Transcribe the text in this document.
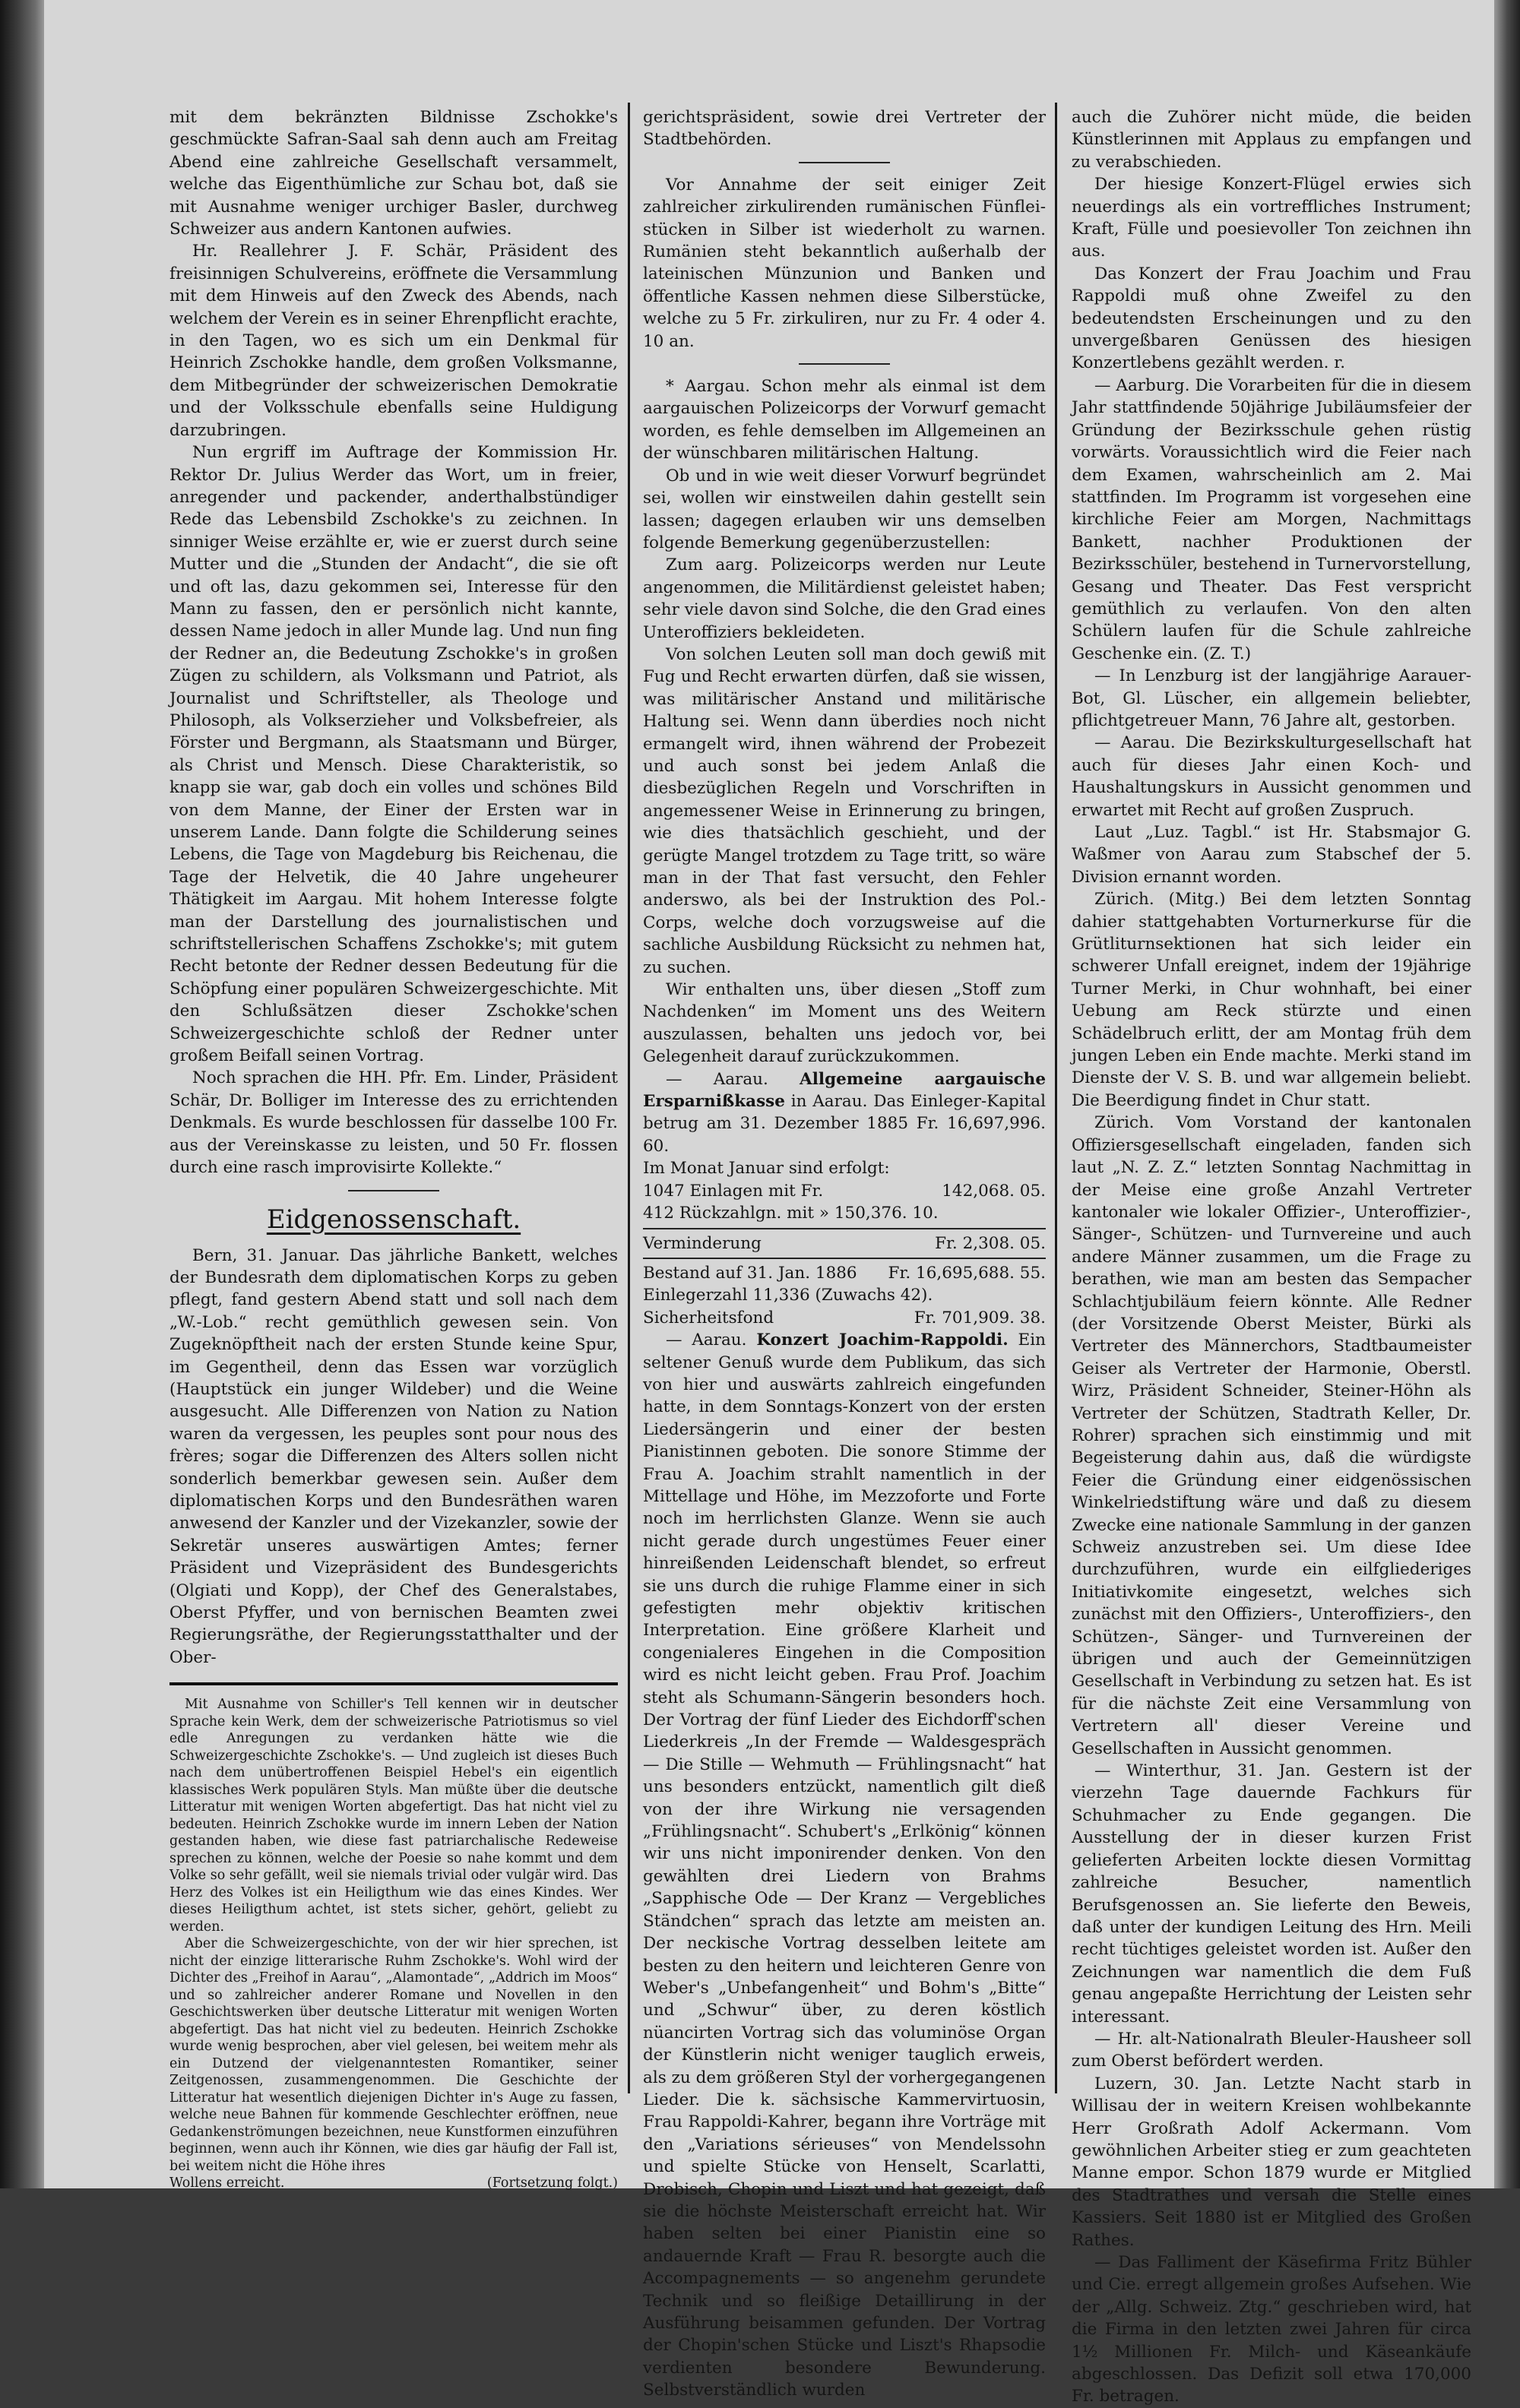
mit dem bekränzten Bildnisse Zschokke's geschmückte Safran-Saal sah denn auch am Freitag Abend eine zahlreiche Gesellschaft versammelt, welche das Eigenthümliche zur Schau bot, daß sie mit Ausnahme weniger urchiger Basler, durchweg Schweizer aus andern Kantonen aufwies.

Hr. Reallehrer J. F. Schär, Präsident des freisinnigen Schulvereins, eröffnete die Versammlung mit dem Hinweis auf den Zweck des Abends, nach welchem der Verein es in seiner Ehrenpflicht erachte, in den Tagen, wo es sich um ein Denkmal für Heinrich Zschokke handle, dem großen Volksmanne, dem Mitbegründer der schweizerischen Demokratie und der Volksschule ebenfalls seine Huldigung darzubringen.

Nun ergriff im Auftrage der Kommission Hr. Rektor Dr. Julius Werder das Wort, um in freier, anregender und packender, anderthalbstündiger Rede das Lebensbild Zschokke's zu zeichnen. In sinniger Weise erzählte er, wie er zuerst durch seine Mutter und die „Stunden der Andacht“, die sie oft und oft las, dazu gekommen sei, Interesse für den Mann zu fassen, den er persönlich nicht kannte, dessen Name jedoch in aller Munde lag. Und nun fing der Redner an, die Bedeutung Zschokke's in großen Zügen zu schildern, als Volksmann und Patriot, als Journalist und Schriftsteller, als Theologe und Philosoph, als Volkserzieher und Volksbefreier, als Förster und Bergmann, als Staatsmann und Bürger, als Christ und Mensch. Diese Charakteristik, so knapp sie war, gab doch ein volles und schönes Bild von dem Manne, der Einer der Ersten war in unserem Lande. Dann folgte die Schilderung seines Lebens, die Tage von Magdeburg bis Reichenau, die Tage der Helvetik, die 40 Jahre ungeheurer Thätigkeit im Aargau. Mit hohem Interesse folgte man der Darstellung des journalistischen und schriftstellerischen Schaffens Zschokke's; mit gutem Recht betonte der Redner dessen Bedeutung für die Schöpfung einer populären Schweizergeschichte. Mit den Schlußsätzen dieser Zschokke'schen Schweizergeschichte schloß der Redner unter großem Beifall seinen Vortrag.

Noch sprachen die HH. Pfr. Em. Linder, Präsident Schär, Dr. Bolliger im Interesse des zu errichtenden Denkmals. Es wurde beschlossen für dasselbe 100 Fr. aus der Vereinskasse zu leisten, und 50 Fr. flossen durch eine rasch improvisirte Kollekte.“

Eidgenossenschaft.

Bern, 31. Januar. Das jährliche Bankett, welches der Bundesrath dem diplomatischen Korps zu geben pflegt, fand gestern Abend statt und soll nach dem „W.-Lob.“ recht gemüthlich gewesen sein. Von Zugeknöpftheit nach der ersten Stunde keine Spur, im Gegentheil, denn das Essen war vorzüglich (Hauptstück ein junger Wildeber) und die Weine ausgesucht. Alle Differenzen von Nation zu Nation waren da vergessen, les peuples sont pour nous des frères; sogar die Differenzen des Alters sollen nicht sonderlich bemerkbar gewesen sein. Außer dem diplomatischen Korps und den Bundesräthen waren anwesend der Kanzler und der Vizekanzler, sowie der Sekretär unseres auswärtigen Amtes; ferner Präsident und Vizepräsident des Bundesgerichts (Olgiati und Kopp), der Chef des Generalstabes, Oberst Pfyffer, und von bernischen Beamten zwei Regierungsräthe, der Regierungsstatthalter und der Ober-

Mit Ausnahme von Schiller's Tell kennen wir in deutscher Sprache kein Werk, dem der schweizerische Patriotismus so viel edle Anregungen zu verdanken hätte wie die Schweizergeschichte Zschokke's. — Und zugleich ist dieses Buch nach dem unübertroffenen Beispiel Hebel's ein eigentlich klassisches Werk populären Styls. Man müßte über die deutsche Litteratur mit wenigen Worten abgefertigt. Das hat nicht viel zu bedeuten. Heinrich Zschokke wurde im innern Leben der Nation gestanden haben, wie diese fast patriarchalische Redeweise sprechen zu können, welche der Poesie so nahe kommt und dem Volke so sehr gefällt, weil sie niemals trivial oder vulgär wird. Das Herz des Volkes ist ein Heiligthum wie das eines Kindes. Wer dieses Heiligthum achtet, ist stets sicher, gehört, geliebt zu werden.

Aber die Schweizergeschichte, von der wir hier sprechen, ist nicht der einzige litterarische Ruhm Zschokke's. Wohl wird der Dichter des „Freihof in Aarau“, „Alamontade“, „Addrich im Moos“ und so zahlreicher anderer Romane und Novellen in den Geschichtswerken über deutsche Litteratur mit wenigen Worten abgefertigt. Das hat nicht viel zu bedeuten. Heinrich Zschokke wurde wenig besprochen, aber viel gelesen, bei weitem mehr als ein Dutzend der vielgenanntesten Romantiker, seiner Zeitgenossen, zusammengenommen. Die Geschichte der Litteratur hat wesentlich diejenigen Dichter in's Auge zu fassen, welche neue Bahnen für kommende Geschlechter eröffnen, neue Gedankenströmungen bezeichnen, neue Kunstformen einzuführen beginnen, wenn auch ihr Können, wie dies gar häufig der Fall ist, bei weitem nicht die Höhe ihres

Wollens erreicht.	(Fortsetzung folgt.)

gerichtspräsident, sowie drei Vertreter der Stadtbehörden.

Vor Annahme der seit einiger Zeit zahlreicher zirkulirenden rumänischen Fünfleistücken in Silber ist wiederholt zu warnen. Rumänien steht bekanntlich außerhalb der lateinischen Münzunion und Banken und öffentliche Kassen nehmen diese Silberstücke, welche zu 5 Fr. zirkuliren, nur zu Fr. 4 oder 4. 10 an.

* Aargau. Schon mehr als einmal ist dem aargauischen Polizeicorps der Vorwurf gemacht worden, es fehle demselben im Allgemeinen an der wünschbaren militärischen Haltung.

Ob und in wie weit dieser Vorwurf begründet sei, wollen wir einstweilen dahin gestellt sein lassen; dagegen erlauben wir uns demselben folgende Bemerkung gegenüberzustellen:

Zum aarg. Polizeicorps werden nur Leute angenommen, die Militärdienst geleistet haben; sehr viele davon sind Solche, die den Grad eines Unteroffiziers bekleideten.

Von solchen Leuten soll man doch gewiß mit Fug und Recht erwarten dürfen, daß sie wissen, was militärischer Anstand und militärische Haltung sei. Wenn dann überdies noch nicht ermangelt wird, ihnen während der Probezeit und auch sonst bei jedem Anlaß die diesbezüglichen Regeln und Vorschriften in angemessener Weise in Erinnerung zu bringen, wie dies thatsächlich geschieht, und der gerügte Mangel trotzdem zu Tage tritt, so wäre man in der That fast versucht, den Fehler anderswo, als bei der Instruktion des Pol.-Corps, welche doch vorzugsweise auf die sachliche Ausbildung Rücksicht zu nehmen hat, zu suchen.

Wir enthalten uns, über diesen „Stoff zum Nachdenken“ im Moment uns des Weitern auszulassen, behalten uns jedoch vor, bei Gelegenheit darauf zurückzukommen.

— Aarau. Allgemeine aargauische Ersparnißkasse in Aarau. Das Einleger-Kapital betrug am 31. Dezember 1885 Fr. 16,697,996. 60.

Im Monat Januar sind erfolgt:
1047 Einlagen mit Fr.	142,068. 05.
412 Rückzahlgn. mit » 150,376. 10.
Verminderung	Fr. 2,308. 05.
Bestand auf 31. Jan. 1886 Fr. 16,695,688. 55.
Einlegerzahl 11,336 (Zuwachs 42).
Sicherheitsfond	Fr. 701,909. 38.

— Aarau. Konzert Joachim-Rappoldi. Ein seltener Genuß wurde dem Publikum, das sich von hier und auswärts zahlreich eingefunden hatte, in dem Sonntags-Konzert von der ersten Liedersängerin und einer der besten Pianistinnen geboten. Die sonore Stimme der Frau A. Joachim strahlt namentlich in der Mittellage und Höhe, im Mezzoforte und Forte noch im herrlichsten Glanze. Wenn sie auch nicht gerade durch ungestümes Feuer einer hinreißenden Leidenschaft blendet, so erfreut sie uns durch die ruhige Flamme einer in sich gefestigten mehr objektiv kritischen Interpretation. Eine größere Klarheit und congenialeres Eingehen in die Composition wird es nicht leicht geben. Frau Prof. Joachim steht als Schumann-Sängerin besonders hoch. Der Vortrag der fünf Lieder des Eichdorff'schen Liederkreis „In der Fremde — Waldesgespräch — Die Stille — Wehmuth — Frühlingsnacht“ hat uns besonders entzückt, namentlich gilt dieß von der ihre Wirkung nie versagenden „Frühlingsnacht“. Schubert's „Erlkönig“ können wir uns nicht imponirender denken. Von den gewählten drei Liedern von Brahms „Sapphische Ode — Der Kranz — Vergebliches Ständchen“ sprach das letzte am meisten an. Der neckische Vortrag desselben leitete am besten zu den heitern und leichteren Genre von Weber's „Unbefangenheit“ und Bohm's „Bitte“ und „Schwur“ über, zu deren köstlich nüancirten Vortrag sich das voluminöse Organ der Künstlerin nicht weniger tauglich erweis, als zu dem größeren Styl der vorhergegangenen Lieder. Die k. sächsische Kammervirtuosin, Frau Rappoldi-Kahrer, begann ihre Vorträge mit den „Variations sérieuses“ von Mendelssohn und spielte Stücke von Henselt, Scarlatti, Drobisch, Chopin und Liszt und hat gezeigt, daß sie die höchste Meisterschaft erreicht hat. Wir haben selten bei einer Pianistin eine so andauernde Kraft — Frau R. besorgte auch die Accompagnements — so angenehm gerundete Technik und so fleißige Detaillirung in der Ausführung beisammen gefunden. Der Vortrag der Chopin'schen Stücke und Liszt's Rhapsodie verdienten besondere Bewunderung. Selbstverständlich wurden

auch die Zuhörer nicht müde, die beiden Künstlerinnen mit Applaus zu empfangen und zu verabschieden.

Der hiesige Konzert-Flügel erwies sich neuerdings als ein vortreffliches Instrument; Kraft, Fülle und poesievoller Ton zeichnen ihn aus.

Das Konzert der Frau Joachim und Frau Rappoldi muß ohne Zweifel zu den bedeutendsten Erscheinungen und zu den unvergeßbaren Genüssen des hiesigen Konzertlebens gezählt werden. r.

— Aarburg. Die Vorarbeiten für die in diesem Jahr stattfindende 50jährige Jubiläumsfeier der Gründung der Bezirksschule gehen rüstig vorwärts. Voraussichtlich wird die Feier nach dem Examen, wahrscheinlich am 2. Mai stattfinden. Im Programm ist vorgesehen eine kirchliche Feier am Morgen, Nachmittags Bankett, nachher Produktionen der Bezirksschüler, bestehend in Turnervorstellung, Gesang und Theater. Das Fest verspricht gemüthlich zu verlaufen. Von den alten Schülern laufen für die Schule zahlreiche Geschenke ein. (Z. T.)

— In Lenzburg ist der langjährige Aarauer-Bot, Gl. Lüscher, ein allgemein beliebter, pflichtgetreuer Mann, 76 Jahre alt, gestorben.

— Aarau. Die Bezirkskulturgesellschaft hat auch für dieses Jahr einen Koch- und Haushaltungskurs in Aussicht genommen und erwartet mit Recht auf großen Zuspruch.

Laut „Luz. Tagbl.“ ist Hr. Stabsmajor G. Waßmer von Aarau zum Stabschef der 5. Division ernannt worden.

Zürich. (Mitg.) Bei dem letzten Sonntag dahier stattgehabten Vorturnerkurse für die Grütliturnsektionen hat sich leider ein schwerer Unfall ereignet, indem der 19jährige Turner Merki, in Chur wohnhaft, bei einer Uebung am Reck stürzte und einen Schädelbruch erlitt, der am Montag früh dem jungen Leben ein Ende machte. Merki stand im Dienste der V. S. B. und war allgemein beliebt. Die Beerdigung findet in Chur statt.

Zürich. Vom Vorstand der kantonalen Offiziersgesellschaft eingeladen, fanden sich laut „N. Z. Z.“ letzten Sonntag Nachmittag in der Meise eine große Anzahl Vertreter kantonaler wie lokaler Offizier-, Unteroffizier-, Sänger-, Schützen- und Turnvereine und auch andere Männer zusammen, um die Frage zu berathen, wie man am besten das Sempacher Schlachtjubiläum feiern könnte. Alle Redner (der Vorsitzende Oberst Meister, Bürki als Vertreter des Männerchors, Stadtbaumeister Geiser als Vertreter der Harmonie, Oberstl. Wirz, Präsident Schneider, Steiner-Höhn als Vertreter der Schützen, Stadtrath Keller, Dr. Rohrer) sprachen sich einstimmig und mit Begeisterung dahin aus, daß die würdigste Feier die Gründung einer eidgenössischen Winkelriedstiftung wäre und daß zu diesem Zwecke eine nationale Sammlung in der ganzen Schweiz anzustreben sei. Um diese Idee durchzuführen, wurde ein eilfgliederiges Initiativkomite eingesetzt, welches sich zunächst mit den Offiziers-, Unteroffiziers-, den Schützen-, Sänger- und Turnvereinen der übrigen und auch der Gemeinnützigen Gesellschaft in Verbindung zu setzen hat. Es ist für die nächste Zeit eine Versammlung von Vertretern all' dieser Vereine und Gesellschaften in Aussicht genommen.

— Winterthur, 31. Jan. Gestern ist der vierzehn Tage dauernde Fachkurs für Schuhmacher zu Ende gegangen. Die Ausstellung der in dieser kurzen Frist gelieferten Arbeiten lockte diesen Vormittag zahlreiche Besucher, namentlich Berufsgenossen an. Sie lieferte den Beweis, daß unter der kundigen Leitung des Hrn. Meili recht tüchtiges geleistet worden ist. Außer den Zeichnungen war namentlich die dem Fuß genau angepaßte Herrichtung der Leisten sehr interessant.

— Hr. alt-Nationalrath Bleuler-Hausheer soll zum Oberst befördert werden.

Luzern, 30. Jan. Letzte Nacht starb in Willisau der in weitern Kreisen wohlbekannte Herr Großrath Adolf Ackermann. Vom gewöhnlichen Arbeiter stieg er zum geachteten Manne empor. Schon 1879 wurde er Mitglied des Stadtrathes und versah die Stelle eines Kassiers. Seit 1880 ist er Mitglied des Großen Rathes.

— Das Falliment der Käsefirma Fritz Bühler und Cie. erregt allgemein großes Aufsehen. Wie der „Allg. Schweiz. Ztg.“ geschrieben wird, hat die Firma in den letzten zwei Jahren für circa 1½ Millionen Fr. Milch- und Käseankäufe abgeschlossen. Das Defizit soll etwa 170,000 Fr. betragen.
